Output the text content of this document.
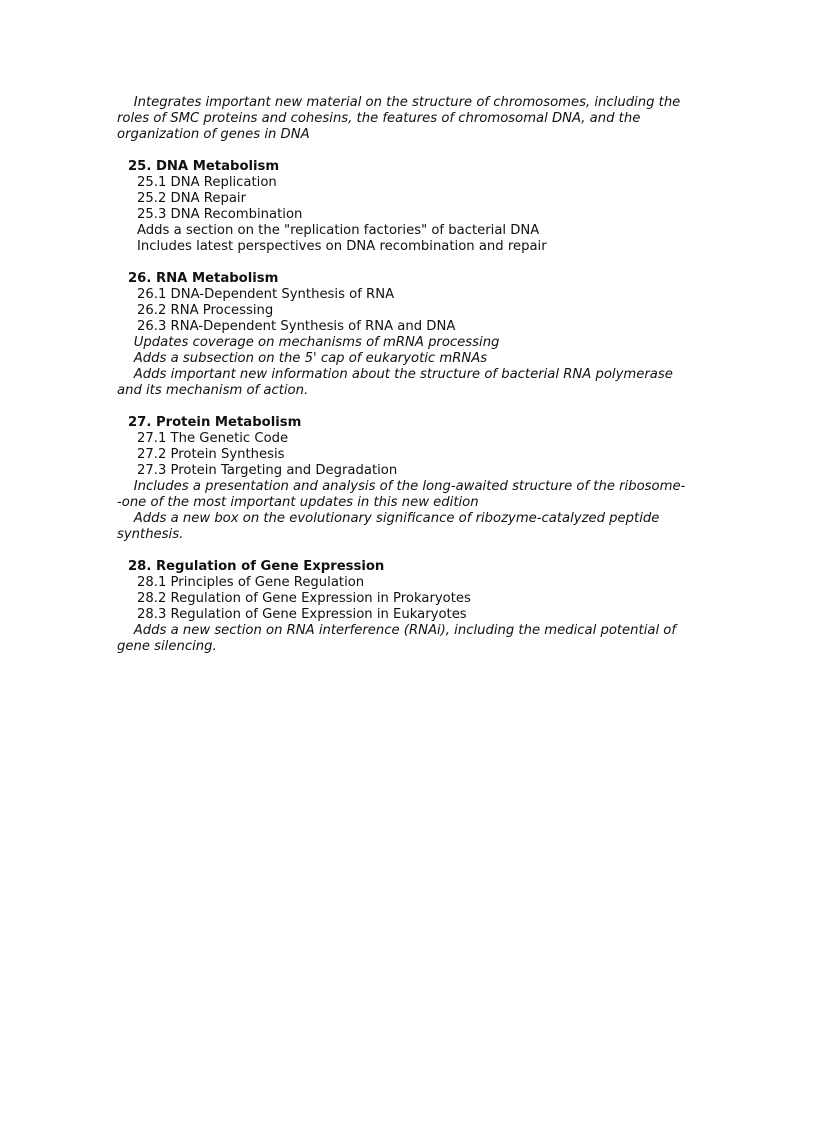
Integrates important new material on the structure of chromosomes, including the

roles of SMC proteins and cohesins, the features of chromosomal DNA, and the

organization of genes in DNA

25. DNA Metabolism

25.1 DNA Replication

25.2 DNA Repair

25.3 DNA Recombination

Adds a section on the "replication factories" of bacterial DNA

Includes latest perspectives on DNA recombination and repair

26. RNA Metabolism

26.1 DNA-Dependent Synthesis of RNA

26.2 RNA Processing

26.3 RNA-Dependent Synthesis of RNA and DNA

Updates coverage on mechanisms of mRNA processing

Adds a subsection on the 5' cap of eukaryotic mRNAs

Adds important new information about the structure of bacterial RNA polymerase

and its mechanism of action.

27. Protein Metabolism

27.1 The Genetic Code

27.2 Protein Synthesis

27.3 Protein Targeting and Degradation

Includes a presentation and analysis of the long-awaited structure of the ribosome-

-one of the most important updates in this new edition

Adds a new box on the evolutionary significance of ribozyme-catalyzed peptide

synthesis.

28. Regulation of Gene Expression

28.1 Principles of Gene Regulation

28.2 Regulation of Gene Expression in Prokaryotes

28.3 Regulation of Gene Expression in Eukaryotes

Adds a new section on RNA interference (RNAi), including the medical potential of

gene silencing.
